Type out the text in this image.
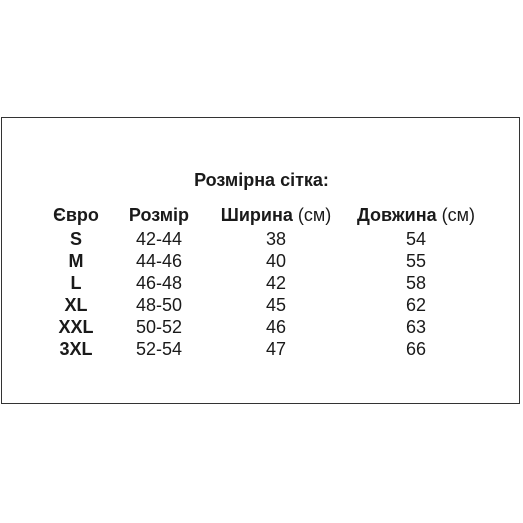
Розмірна сітка:
Євро	Розмір	Ширина (см)	Довжина (см)
S	42-44	38	54
M	44-46	40	55
L	46-48	42	58
XL	48-50	45	62
XXL	50-52	46	63
3XL	52-54	47	66
